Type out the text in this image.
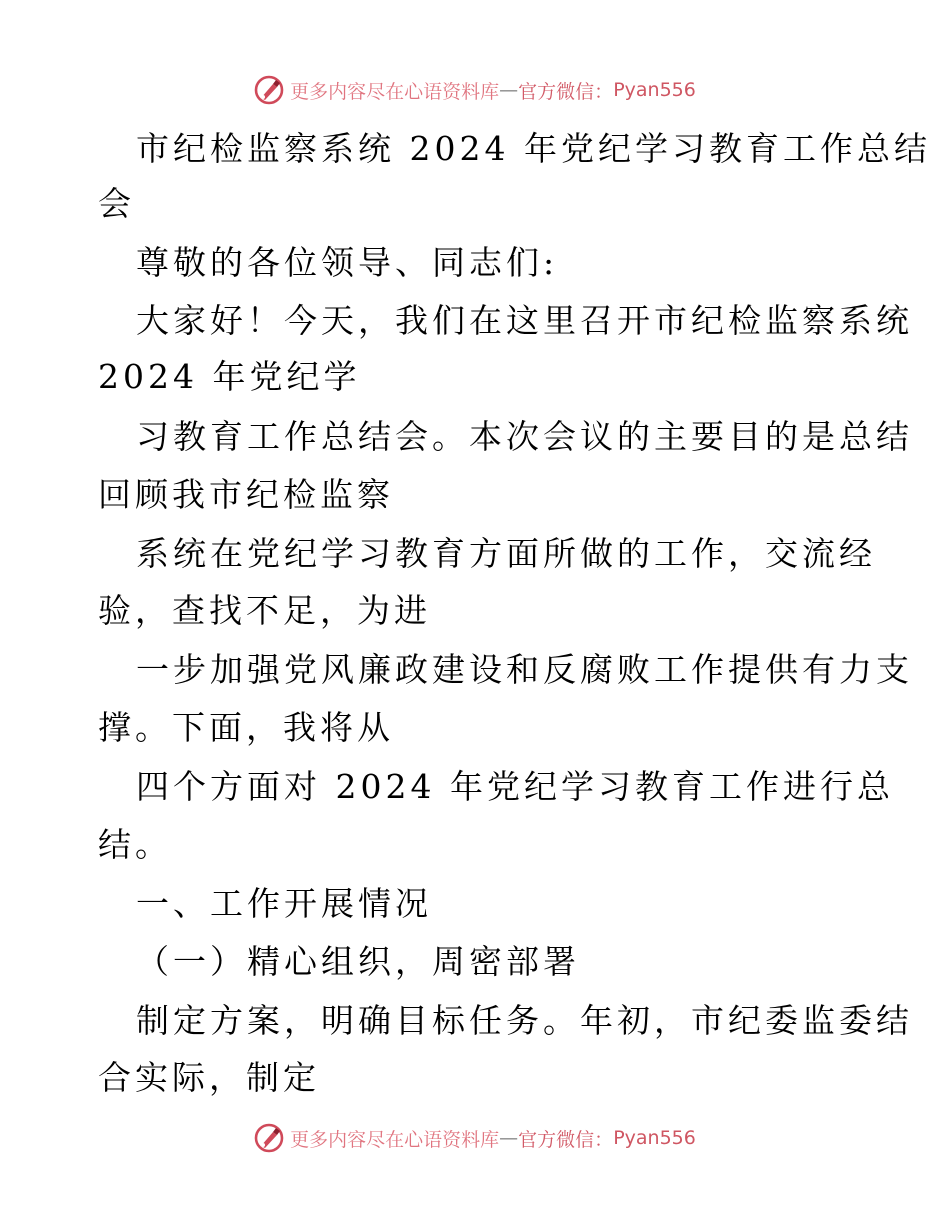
更多内容尽在心语资料库 — 官方微信： Pyan556
市纪检监察系统 2024 年党纪学习教育工作总结
会
尊敬的各位领导、同志们:
大家好！今天，我们在这里召开市纪检监察系统
2024 年党纪学
习教育工作总结会。本次会议的主要目的是总结
回顾我市纪检监察
系统在党纪学习教育方面所做的工作，交流经
验，查找不足，为进
一步加强党风廉政建设和反腐败工作提供有力支
撑。下面，我将从
四个方面对 2024 年党纪学习教育工作进行总
结。
一、工作开展情况
（一）精心组织，周密部署
制定方案，明确目标任务。年初，市纪委监委结
合实际，制定
更多内容尽在心语资料库 — 官方微信： Pyan556
